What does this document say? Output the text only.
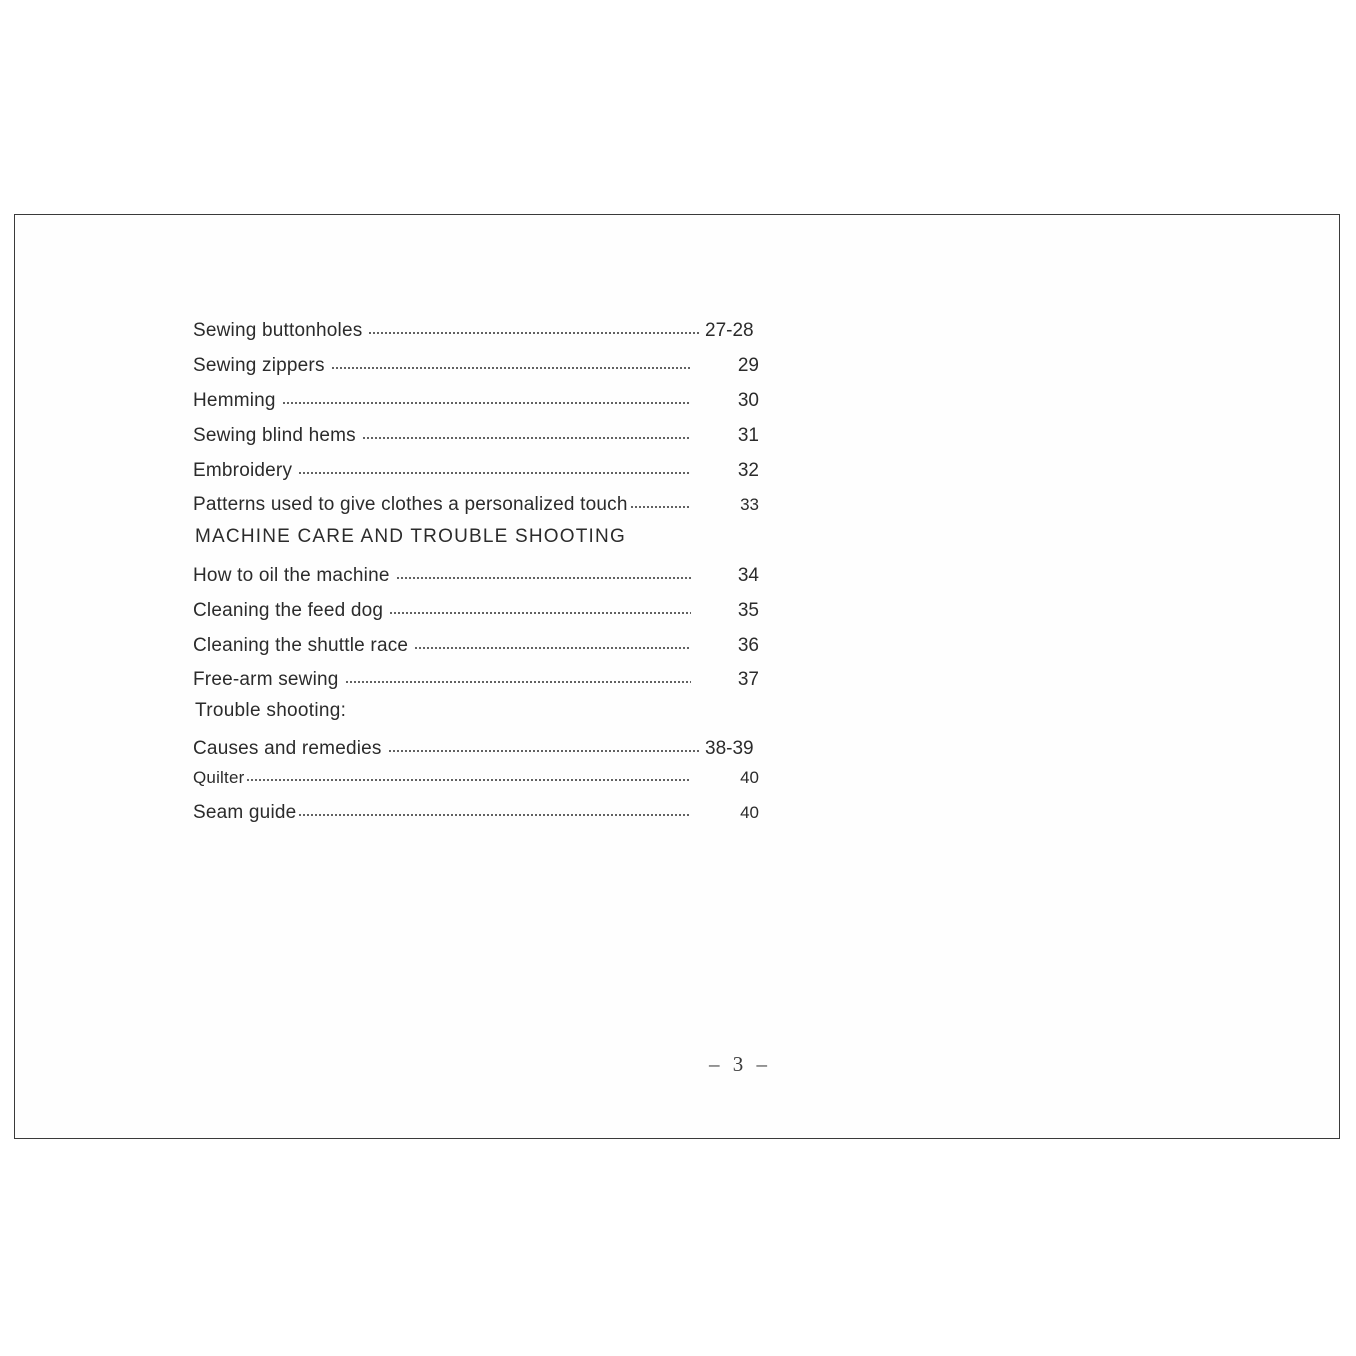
Sewing buttonholes	27-28
Sewing zippers	29
Hemming	30
Sewing blind hems	31
Embroidery	32
Patterns used to give clothes a personalized touch	33
MACHINE CARE AND TROUBLE SHOOTING
How to oil the machine	34
Cleaning the feed dog	35
Cleaning the shuttle race	36
Free-arm sewing	37
Trouble shooting:
Causes and remedies	38-39
Quilter	40
Seam guide	40
– 3 –
